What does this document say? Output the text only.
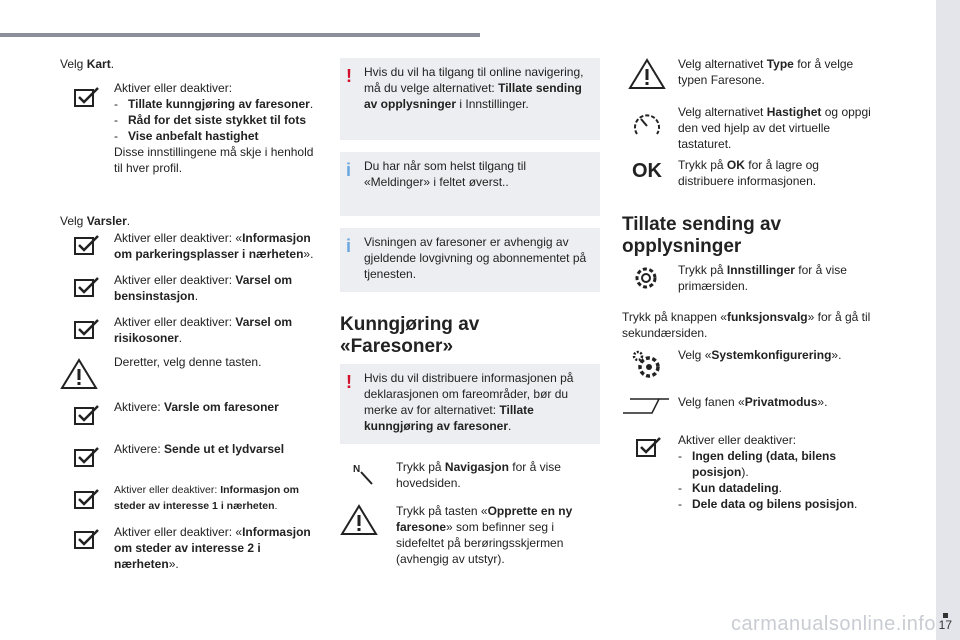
Velg Kart.
Aktiver eller deaktiver:
- Tillate kunngjøring av faresoner.
- Råd for det siste stykket til fots
- Vise anbefalt hastighet
Disse innstillingene må skje i henhold til hver profil.
Velg Varsler.
Aktiver eller deaktiver: «Informasjon om parkeringsplasser i nærheten».
Aktiver eller deaktiver: Varsel om bensinstasjon.
Aktiver eller deaktiver: Varsel om risikosoner.
Deretter, velg denne tasten.
Aktivere: Varsle om faresoner
Aktivere: Sende ut et lydvarsel
Aktiver eller deaktiver: Informasjon om steder av interesse 1 i nærheten.
Aktiver eller deaktiver: «Informasjon om steder av interesse 2 i nærheten».
! Hvis du vil ha tilgang til online navigering, må du velge alternativet: Tillate sending av opplysninger i Innstillinger.
i Du har når som helst tilgang til «Meldinger» i feltet øverst..
i Visningen av faresoner er avhengig av gjeldende lovgivning og abonnementet på tjenesten.
Kunngjøring av «Faresoner»
! Hvis du vil distribuere informasjonen på deklarasjonen om fareområder, bør du merke av for alternativet: Tillate kunngjøring av faresoner.
N	Trykk på Navigasjon for å vise hovedsiden.
Trykk på tasten «Opprette en ny faresone» som befinner seg i sidefeltet på berøringsskjermen (avhengig av utstyr).
Velg alternativet Type for å velge typen Faresone.
Velg alternativet Hastighet og oppgi den ved hjelp av det virtuelle tastaturet.
OK Trykk på OK for å lagre og distribuere informasjonen.
Tillate sending av opplysninger
Trykk på Innstillinger for å vise primærsiden.
Trykk på knappen «funksjonsvalg» for å gå til sekundærsiden.
Velg «Systemkonfigurering».
Velg fanen «Privatmodus».
Aktiver eller deaktiver:
- Ingen deling (data, bilens posisjon).
- Kun datadeling.
- Dele data og bilens posisjon.
carmanualsonline.info 17
